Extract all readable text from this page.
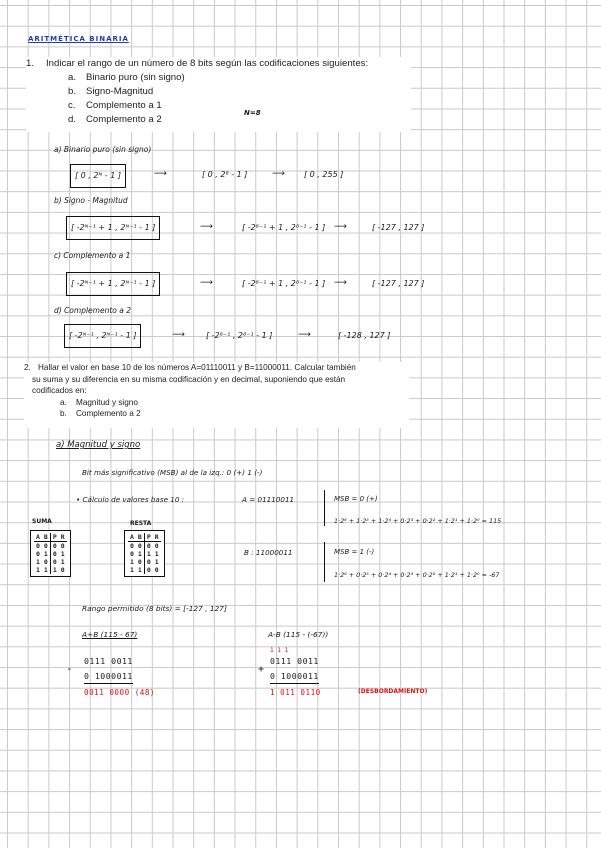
ARITMÉTICA BINARIA
1. Indicar el rango de un número de 8 bits según las codificaciones siguientes:
a. Binario puro (sin signo)
b. Signo-Magnitud
c. Complemento a 1
d. Complemento a 2
N=8
a) Binario puro (sin signo)
[ 0 , 2ᴺ - 1 ]	⟶	[ 0 , 2⁸ - 1 ]	⟶ [ 0 , 255 ]
b) Signo - Magnitud
[ -2ᴺ⁻¹ + 1 , 2ᴺ⁻¹ - 1 ]	⟶	[ -2⁸⁻¹ + 1 , 2⁸⁻¹ - 1 ] ⟶	[ -127 , 127 ]
c) Complemento a 1
[ -2ᴺ⁻¹ + 1 , 2ᴺ⁻¹ - 1 ]	⟶	[ -2⁸⁻¹ + 1 , 2⁸⁻¹ - 1 ] ⟶	[ -127 , 127 ]
d) Complemento a 2
[ -2ᴺ⁻¹ , 2ᴺ⁻¹ - 1 ]	⟶	[ -2⁸⁻¹ , 2⁸⁻¹ - 1 ]	⟶	[ -128 , 127 ]
2. Hallar el valor en base 10 de los números A=01110011 y B=11000011. Calcular también
su suma y su diferencia en su misma codificación y en decimal, suponiendo que están
codificados en:
a. Magnitud y signo
b. Complemento a 2
a) Magnitud y signo
Bit más significativo (MSB) al de la izq.: 0 (+) 1 (-)
• Cálculo de valores base 10 :	A = 01110011	MSB = 0 (+)
1·2⁶ + 1·2⁵ + 1·2⁴ + 0·2³ + 0·2² + 1·2¹ + 1·2⁰ = 115
B : 11000011	MSB = 1 (-)
1·2⁶ + 0·2⁵ + 0·2⁴ + 0·2³ + 0·2² + 1·2¹ + 1·2⁰ = -67
SUMA
A	B	P	R
0	0	0	0
0	1	0	1
1	0	0	1
1	1	1	0
RESTA
A	B	P	R
0	0	0	0
0	1	1	1
1	0	0	1
1	1	0	0
Rango permitido (8 bits) = [-127 , 127]
A+B (115 - 67)
-
0111 0011
0 1000011
0011 0000 (48)
A-B (115 - (-67))
1 1 1
+
0111 0011
0 1000011
1 011 0110	(DESBORDAMIENTO)
